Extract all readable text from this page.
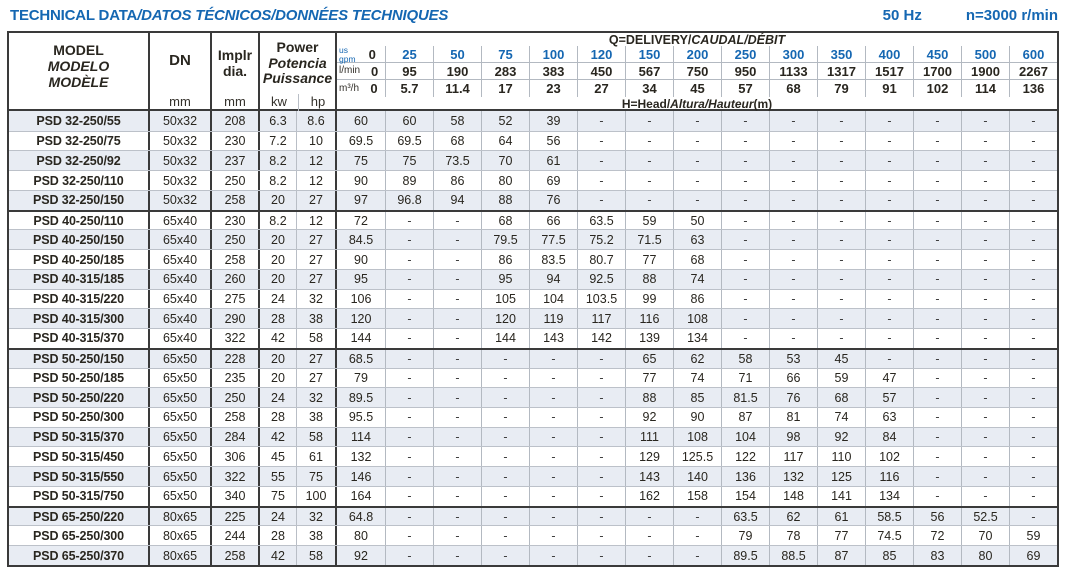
TECHNICAL DATA/DATOS TÉCNICOS/DONNÉES TECHNIQUES	50 Hz	n=3000 r/min
MODEL
MODELO
MODÈLE
DN
mm
Implr
dia.
mm
Power
Potencia
Puissance
kw	hp
Q=DELIVERY/ CAUDAL/DÉBIT
us
gpm	0	25	50	75	100	120	150	200	250	300	350	400	450	500	600
l/min 0	95	190	283	383	450	567	750	950	1133	1317	1517	1700	1900	2267
m³/h 0	5.7	11.4	17	23	27	34	45	57	68	79	91	102	114	136
H=Head/ Altura/Hauteur (m)
PSD 32-250/55	50x32	208	6.3	8.6	60	60	58	52	39	-	-	-	-	-	-	-	-	-	-
PSD 32-250/75	50x32	230	7.2	10	69.5	69.5	68	64	56	-	-	-	-	-	-	-	-	-	-
PSD 32-250/92	50x32	237	8.2	12	75	75	73.5	70	61	-	-	-	-	-	-	-	-	-	-
PSD 32-250/110	50x32	250	8.2	12	90	89	86	80	69	-	-	-	-	-	-	-	-	-	-
PSD 32-250/150	50x32	258	20	27	97	96.8	94	88	76	-	-	-	-	-	-	-	-	-	-
PSD 40-250/110	65x40	230	8.2	12	72	-	-	68	66	63.5	59	50	-	-	-	-	-	-	-
PSD 40-250/150	65x40	250	20	27	84.5	-	-	79.5	77.5	75.2	71.5	63	-	-	-	-	-	-	-
PSD 40-250/185	65x40	258	20	27	90	-	-	86	83.5	80.7	77	68	-	-	-	-	-	-	-
PSD 40-315/185	65x40	260	20	27	95	-	-	95	94	92.5	88	74	-	-	-	-	-	-	-
PSD 40-315/220	65x40	275	24	32	106	-	-	105	104	103.5	99	86	-	-	-	-	-	-	-
PSD 40-315/300	65x40	290	28	38	120	-	-	120	119	117	116	108	-	-	-	-	-	-	-
PSD 40-315/370	65x40	322	42	58	144	-	-	144	143	142	139	134	-	-	-	-	-	-	-
PSD 50-250/150	65x50	228	20	27	68.5	-	-	-	-	-	65	62	58	53	45	-	-	-	-
PSD 50-250/185	65x50	235	20	27	79	-	-	-	-	-	77	74	71	66	59	47	-	-	-
PSD 50-250/220	65x50	250	24	32	89.5	-	-	-	-	-	88	85	81.5	76	68	57	-	-	-
PSD 50-250/300	65x50	258	28	38	95.5	-	-	-	-	-	92	90	87	81	74	63	-	-	-
PSD 50-315/370	65x50	284	42	58	114	-	-	-	-	-	111	108	104	98	92	84	-	-	-
PSD 50-315/450	65x50	306	45	61	132	-	-	-	-	-	129	125.5	122	117	110	102	-	-	-
PSD 50-315/550	65x50	322	55	75	146	-	-	-	-	-	143	140	136	132	125	116	-	-	-
PSD 50-315/750	65x50	340	75	100	164	-	-	-	-	-	162	158	154	148	141	134	-	-	-
PSD 65-250/220	80x65	225	24	32	64.8	-	-	-	-	-	-	-	63.5	62	61	58.5	56	52.5	-
PSD 65-250/300	80x65	244	28	38	80	-	-	-	-	-	-	-	79	78	77	74.5	72	70	59
PSD 65-250/370	80x65	258	42	58	92	-	-	-	-	-	-	-	89.5	88.5	87	85	83	80	69
